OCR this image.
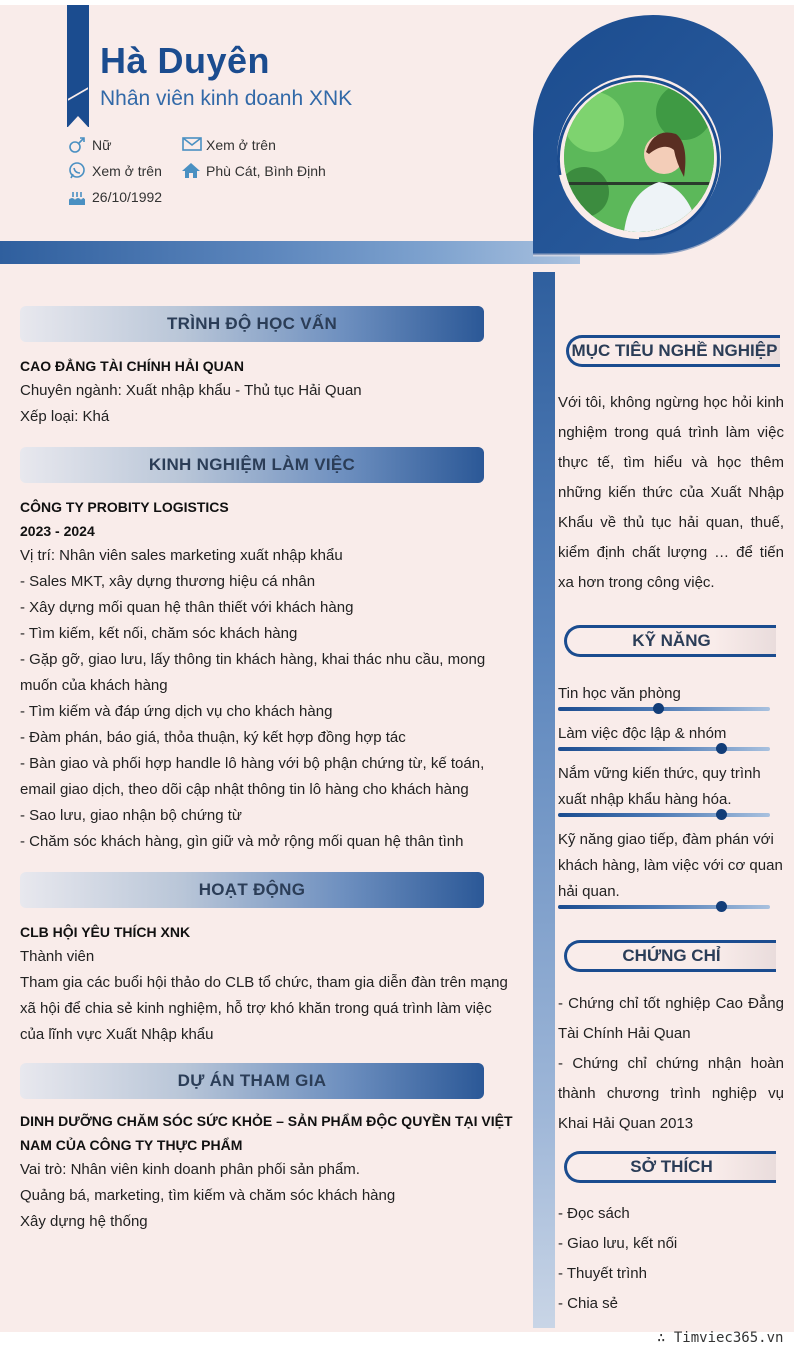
Hà Duyên
Nhân viên kinh doanh XNK
Nữ	Xem ở trên
Xem ở trên	Phù Cát, Bình Định
26/10/1992
TRÌNH ĐỘ HỌC VẤN
CAO ĐẲNG TÀI CHÍNH HẢI QUAN
Chuyên ngành: Xuất nhập khẩu - Thủ tục Hải Quan
Xếp loại: Khá
KINH NGHIỆM LÀM VIỆC
CÔNG TY PROBITY LOGISTICS
2023 - 2024
Vị trí: Nhân viên sales marketing xuất nhập khẩu
- Sales MKT, xây dựng thương hiệu cá nhân
- Xây dựng mối quan hệ thân thiết với khách hàng
- Tìm kiếm, kết nối, chăm sóc khách hàng
- Gặp gỡ, giao lưu, lấy thông tin khách hàng, khai thác nhu cầu, mong
muốn của khách hàng
- Tìm kiếm và đáp ứng dịch vụ cho khách hàng
- Đàm phán, báo giá, thỏa thuận, ký kết hợp đồng hợp tác
- Bàn giao và phối hợp handle lô hàng với bộ phận chứng từ, kế toán,
email giao dịch, theo dõi cập nhật thông tin lô hàng cho khách hàng
- Sao lưu, giao nhận bộ chứng từ
- Chăm sóc khách hàng, gìn giữ và mở rộng mối quan hệ thân tình
HOẠT ĐỘNG
CLB HỘI YÊU THÍCH XNK
Thành viên
Tham gia các buổi hội thảo do CLB tổ chức, tham gia diễn đàn trên mạng
xã hội để chia sẻ kinh nghiệm, hỗ trợ khó khăn trong quá trình làm việc
của lĩnh vực Xuất Nhập khẩu
DỰ ÁN THAM GIA
DINH DƯỠNG CHĂM SÓC SỨC KHỎE – SẢN PHẨM ĐỘC QUYỀN TẠI VIỆT
NAM CỦA CÔNG TY THỰC PHẨM
Vai trò: Nhân viên kinh doanh phân phối sản phẩm.
Quảng bá, marketing, tìm kiếm và chăm sóc khách hàng
Xây dựng hệ thống
MỤC TIÊU NGHỀ NGHIỆP
Với tôi, không ngừng học hỏi kinh nghiệm trong quá trình làm việc thực tế, tìm hiểu và học thêm những kiến thức của Xuất Nhập Khẩu về thủ tục hải quan, thuế, kiểm định chất lượng … để tiến xa hơn trong công việc.
KỸ NĂNG
Tin học văn phòng
Làm việc độc lập & nhóm
Nắm vững kiến thức, quy trình xuất nhập khẩu hàng hóa.
Kỹ năng giao tiếp, đàm phán với khách hàng, làm việc với cơ quan hải quan.
CHỨNG CHỈ
- Chứng chỉ tốt nghiệp Cao Đẳng Tài Chính Hải Quan
- Chứng chỉ chứng nhận hoàn thành chương trình nghiệp vụ Khai Hải Quan 2013
SỞ THÍCH
- Đọc sách
- Giao lưu, kết nối
- Thuyết trình
- Chia sẻ
∴ Timviec365.vn
